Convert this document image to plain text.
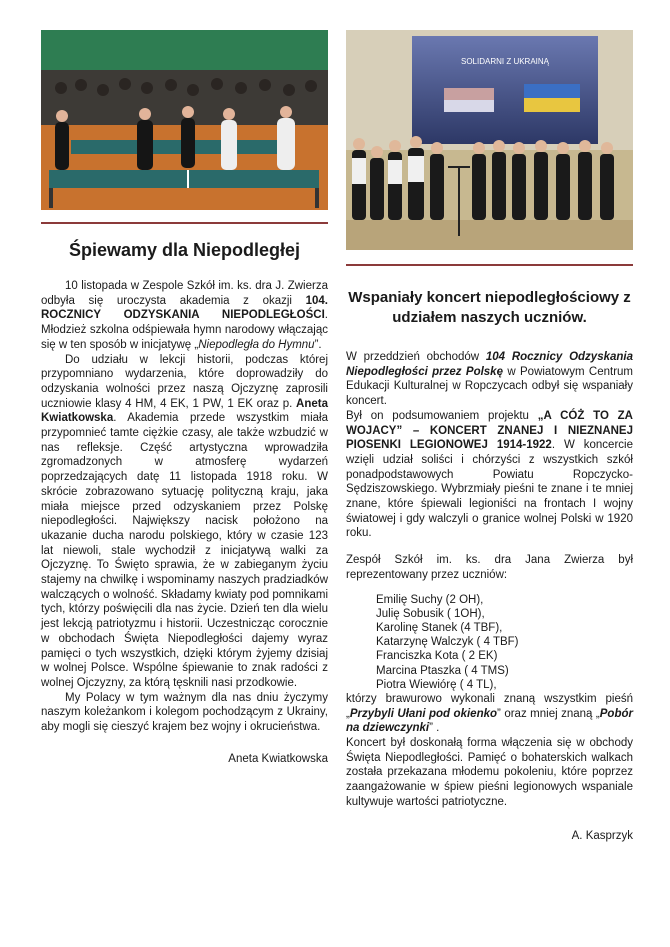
Śpiewamy dla Niepodległej

10 listopada w Zespole Szkół im. ks. dra J. Zwierza odbyła się uroczysta akademia z okazji 104. ROCZNICY ODZYSKANIA NIEPODLEGŁOŚCI. Młodzież szkolna odśpiewała hymn narodowy włączając się w ten sposób w inicjatywę „Niepodległa do Hymnu”.

Do udziału w lekcji historii, podczas której przypomniano wydarzenia, które doprowadziły do odzyskania wolności przez naszą Ojczyznę zaprosili uczniowie klasy 4 HM, 4 EK, 1 PW, 1 EK oraz p. Aneta Kwiatkowska. Akademia przede wszystkim miała przypomnieć tamte ciężkie czasy, ale także wzbudzić w nas refleksje. Część artystyczna wprowadziła zgromadzonych w atmosferę wydarzeń poprzedzających datę 11 listopada 1918 roku. W skrócie zobrazowano sytuację polityczną kraju, jaka miała miejsce przed odzyskaniem przez Polskę niepodległości. Największy nacisk położono na ukazanie ducha narodu polskiego, który w czasie 123 lat niewoli, stale wychodził z inicjatywą walki za Ojczyznę. To Święto sprawia, że w zabieganym życiu stajemy na chwilkę i wspominamy naszych pradziadków walczących o wolność. Składamy kwiaty pod pomnikami tych, którzy poświęcili dla nas życie. Dzień ten dla wielu jest lekcją patriotyzmu i historii. Uczestnicząc corocznie w obchodach Święta Niepodległości dajemy wyraz pamięci o tych wszystkich, dzięki którym żyjemy dzisiaj w wolnej Polsce. Wspólne śpiewanie to znak radości z wolnej Ojczyzny, za którą tęsknili nasi przodkowie.

My Polacy w tym ważnym dla nas dniu życzymy naszym koleżankom i kolegom pochodzącym z Ukrainy, aby mogli się cieszyć krajem bez wojny i okrucieństwa.

Aneta Kwiatkowska
SOLIDARNI Z UKRAINĄ
Wspaniały koncert niepodległościowy z udziałem naszych uczniów.

W przeddzień obchodów 104 Rocznicy Odzyskania Niepodległości przez Polskę w Powiatowym Centrum Edukacji Kulturalnej w Ropczycach odbył się wspaniały koncert.

Był on podsumowaniem projektu „A CÓŻ TO ZA WOJACY” – KONCERT ZNANEJ I NIEZNANEJ PIOSENKI LEGIONOWEJ 1914-1922. W koncercie wzięli udział soliści i chórzyści z wszystkich szkół ponadpodstawowych Powiatu Ropczycko-Sędziszowskiego. Wybrzmiały pieśni te znane i te mniej znane, które śpiewali legioniści na frontach I wojny światowej i gdy walczyli o granice wolnej Polski w 1920 roku.

Zespół Szkół im. ks. dra Jana Zwierza był reprezentowany przez uczniów:

Emilię Suchy (2 OH),
Julię Sobusik ( 1OH),
Karolinę Stanek (4 TBF),
Katarzynę Walczyk ( 4 TBF)
Franciszka Kota ( 2 EK)
Marcina Ptaszka ( 4 TMS)
Piotra Wiewiórę ( 4 TL),

którzy brawurowo wykonali znaną wszystkim pieśń „Przybyli Ułani pod okienko” oraz mniej znaną „Pobór na dziewczynki” .

Koncert był doskonałą forma włączenia się w obchody Święta Niepodległości. Pamięć o bohaterskich walkach została przekazana młodemu pokoleniu, które poprzez zaangażowanie w śpiew pieśni legionowych wspaniale kultywuje wartości patriotyczne.

A. Kasprzyk
